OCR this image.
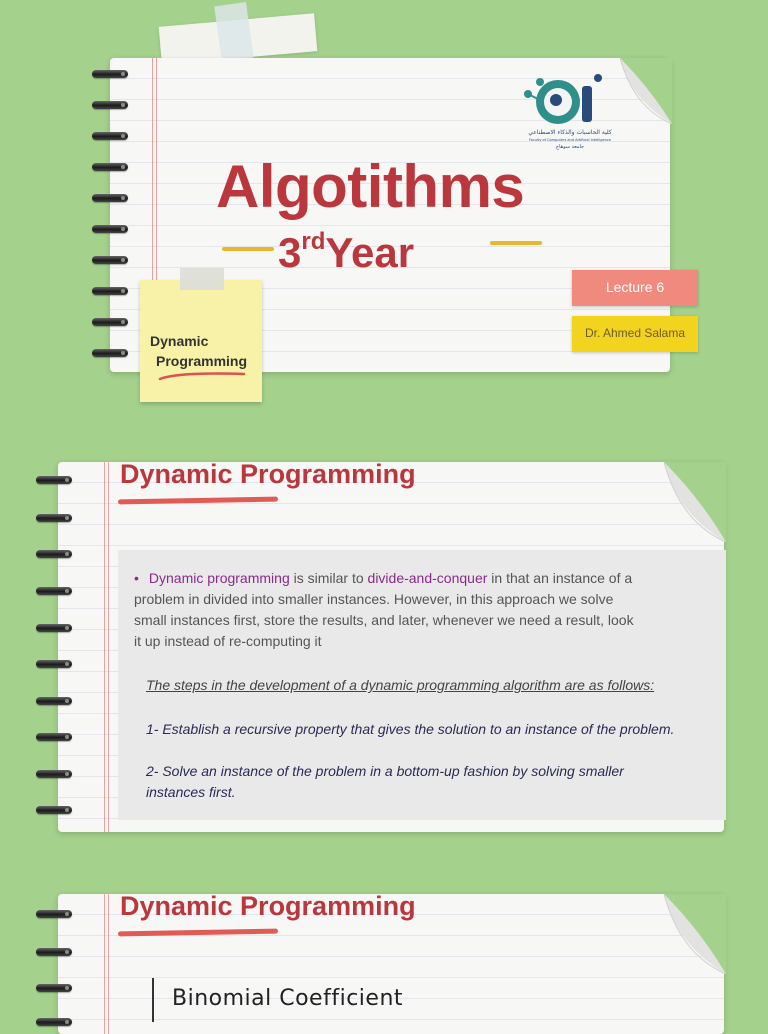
كلية الحاسبات والذكاء الاصطناعي
Faculty of Computers and Artificial Intelligence
جامعة سوهاج
Algotithms
3rdYear
Lecture 6
Dr. Ahmed Salama
Dynamic
Programming
Dynamic Programming
• Dynamic programming is similar to divide-and-conquer in that an instance of a problem in divided into smaller instances. However, in this approach we solve small instances first, store the results, and later, whenever we need a result, look it up instead of re-computing it
The steps in the development of a dynamic programming algorithm are as follows:
1- Establish a recursive property that gives the solution to an instance of the problem.
2- Solve an instance of the problem in a bottom-up fashion by solving smaller instances first.
Dynamic Programming
Binomial Coefficient
